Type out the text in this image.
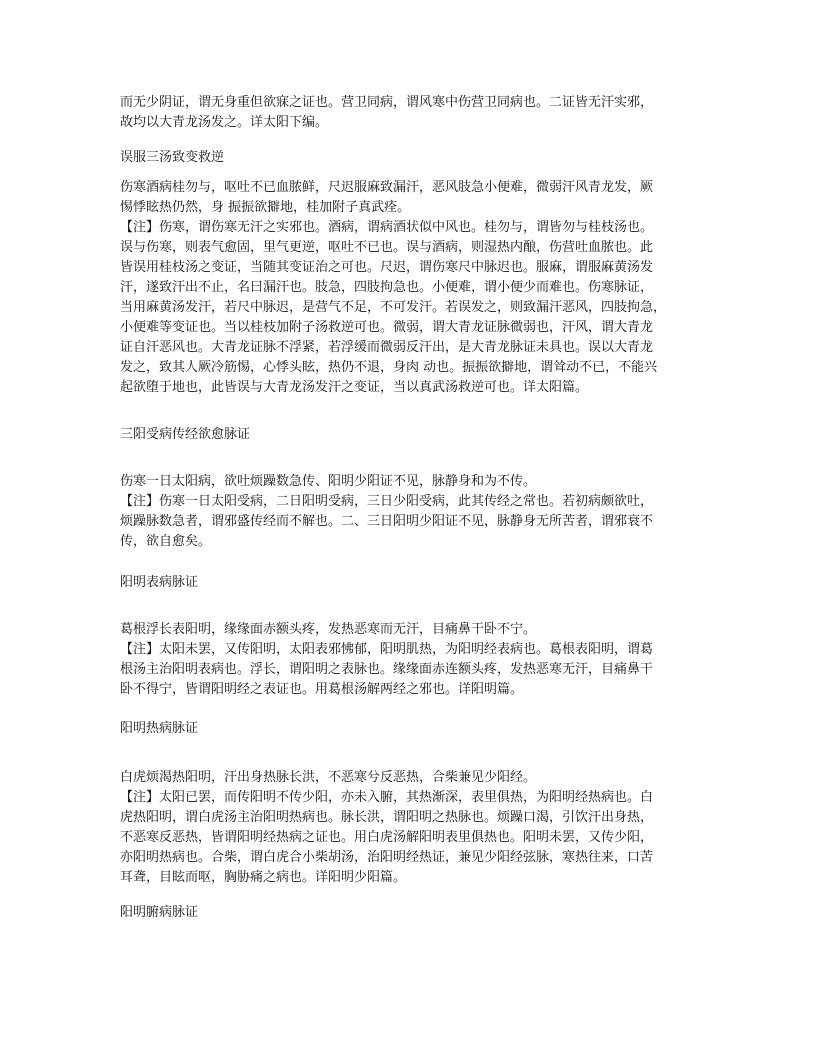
而无少阴证，谓无身重但欲寐之证也。营卫同病，谓风寒中伤营卫同病也。二证皆无汗实邪，
故均以大青龙汤发之。详太阳下编。
误服三汤致变救逆
伤寒酒病桂勿与，呕吐不已血脓鲜，尺迟服麻致漏汗，恶风肢急小便难，微弱汗风青龙发，厥
惕悸眩热仍然，身 振振欲擗地，桂加附子真武痊。
【注】伤寒，谓伤寒无汗之实邪也。酒病，谓病酒状似中风也。桂勿与，谓皆勿与桂枝汤也。
误与伤寒，则表气愈固，里气更逆，呕吐不已也。误与酒病，则湿热内酿，伤营吐血脓也。此
皆误用桂枝汤之变证，当随其变证治之可也。尺迟，谓伤寒尺中脉迟也。服麻，谓服麻黄汤发
汗，遂致汗出不止，名曰漏汗也。肢急，四肢拘急也。小便难，谓小便少而难也。伤寒脉证，
当用麻黄汤发汗，若尺中脉迟，是营气不足，不可发汗。若误发之，则致漏汗恶风，四肢拘急，
小便难等变证也。当以桂枝加附子汤救逆可也。微弱，谓大青龙证脉微弱也，汗风，谓大青龙
证自汗恶风也。大青龙证脉不浮紧，若浮缓而微弱反汗出，是大青龙脉证未具也。误以大青龙
发之，致其人厥冷筋惕，心悸头眩，热仍不退，身肉 动也。振振欲擗地，谓耸动不已，不能兴
起欲堕于地也，此皆误与大青龙汤发汗之变证，当以真武汤救逆可也。详太阳篇。
三阳受病传经欲愈脉证
伤寒一日太阳病，欲吐烦躁数急传、阳明少阳证不见，脉静身和为不传。
【注】伤寒一日太阳受病，二日阳明受病，三日少阳受病，此其传经之常也。若初病颇欲吐，
烦躁脉数急者，谓邪盛传经而不解也。二、三日阳明少阳证不见，脉静身无所苦者，谓邪衰不
传，欲自愈矣。
阳明表病脉证
葛根浮长表阳明，缘缘面赤额头疼，发热恶寒而无汗，目痛鼻干卧不宁。
【注】太阳未罢，又传阳明，太阳表邪怫郁，阳明肌热，为阳明经表病也。葛根表阳明，谓葛
根汤主治阳明表病也。浮长，谓阳明之表脉也。缘缘面赤连额头疼，发热恶寒无汗，目痛鼻干
卧不得宁，皆谓阳明经之表证也。用葛根汤解两经之邪也。详阳明篇。
阳明热病脉证
白虎烦渴热阳明，汗出身热脉长洪，不恶寒兮反恶热，合柴兼见少阳经。
【注】太阳已罢，而传阳明不传少阳，亦未入腑，其热渐深，表里俱热，为阳明经热病也。白
虎热阳明，谓白虎汤主治阳明热病也。脉长洪，谓阳明之热脉也。烦躁口渴，引饮汗出身热，
不恶寒反恶热，皆谓阳明经热病之证也。用白虎汤解阳明表里俱热也。阳明未罢，又传少阳，
亦阳明热病也。合柴，谓白虎合小柴胡汤，治阳明经热证，兼见少阳经弦脉，寒热往来，口苦
耳聋，目眩而呕，胸胁痛之病也。详阳明少阳篇。
阳明腑病脉证
